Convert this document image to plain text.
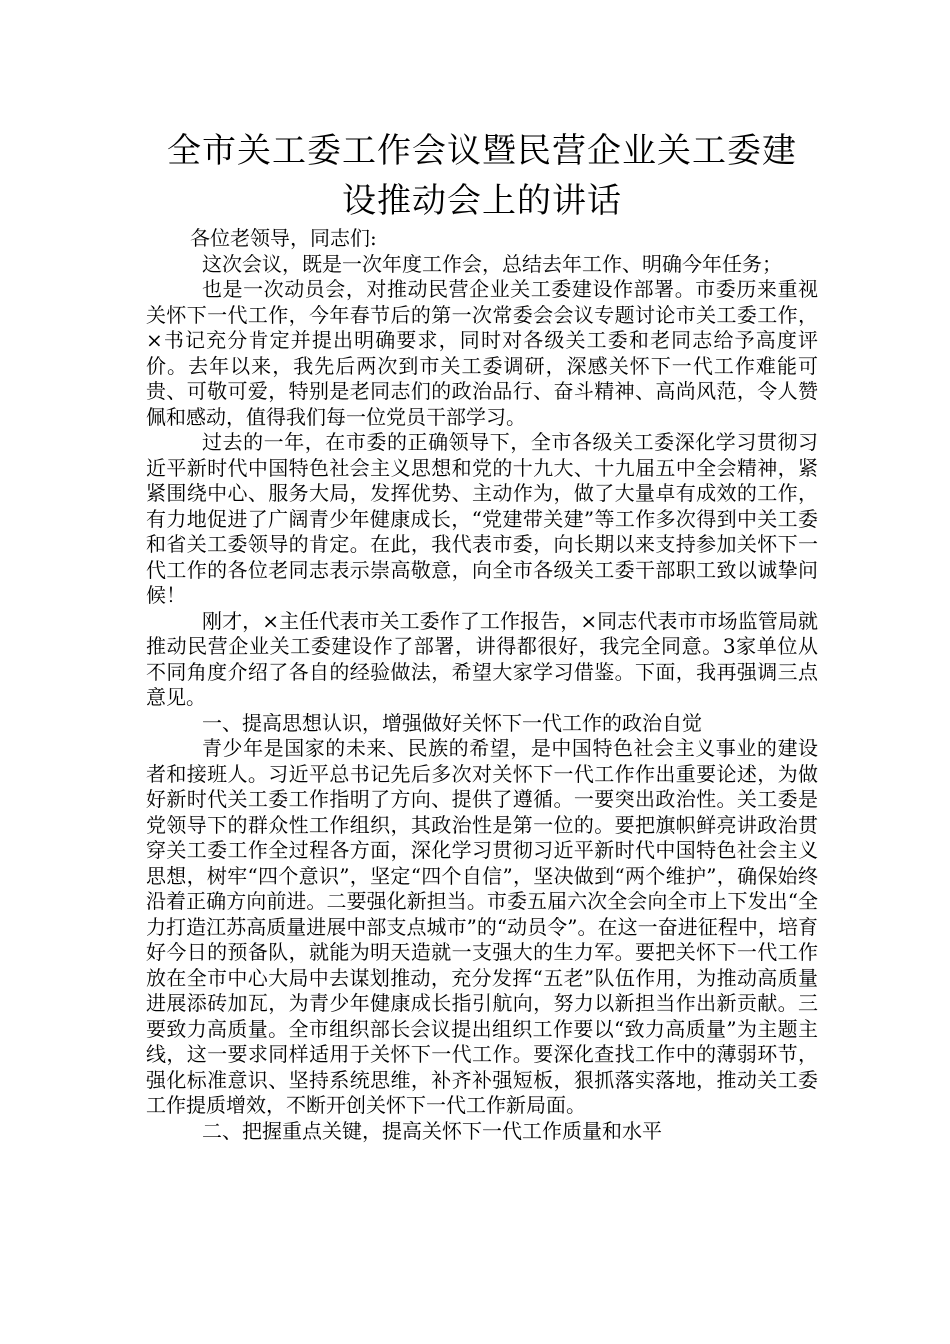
全市关工委工作会议暨民营企业关工委建
设推动会上的讲话

各位老领导，同志们:

这次会议，既是一次年度工作会，总结去年工作、明确今年任务；

也是一次动员会，对推动民营企业关工委建设作部署。市委历来重视关怀下一代工作，今年春节后的第一次常委会会议专题讨论市关工委工作，×书记充分肯定并提出明确要求，同时对各级关工委和老同志给予高度评价。去年以来，我先后两次到市关工委调研，深感关怀下一代工作难能可贵、可敬可爱，特别是老同志们的政治品行、奋斗精神、高尚风范，令人赞佩和感动，值得我们每一位党员干部学习。

过去的一年，在市委的正确领导下，全市各级关工委深化学习贯彻习近平新时代中国特色社会主义思想和党的十九大、十九届五中全会精神，紧紧围绕中心、服务大局，发挥优势、主动作为，做了大量卓有成效的工作，有力地促进了广阔青少年健康成长，“党建带关建”等工作多次得到中关工委和省关工委领导的肯定。在此，我代表市委，向长期以来支持参加关怀下一代工作的各位老同志表示崇高敬意，向全市各级关工委干部职工致以诚挚问候！

刚才，×主任代表市关工委作了工作报告，×同志代表市市场监管局就推动民营企业关工委建设作了部署，讲得都很好，我完全同意。3家单位从不同角度介绍了各自的经验做法，希望大家学习借鉴。下面，我再强调三点意见。

一、提高思想认识，增强做好关怀下一代工作的政治自觉

青少年是国家的未来、民族的希望，是中国特色社会主义事业的建设者和接班人。习近平总书记先后多次对关怀下一代工作作出重要论述，为做好新时代关工委工作指明了方向、提供了遵循。一要突出政治性。关工委是党领导下的群众性工作组织，其政治性是第一位的。要把旗帜鲜亮讲政治贯穿关工委工作全过程各方面，深化学习贯彻习近平新时代中国特色社会主义思想，树牢“四个意识”，坚定“四个自信”，坚决做到“两个维护”，确保始终沿着正确方向前进。二要强化新担当。市委五届六次全会向全市上下发出“全力打造江苏高质量进展中部支点城市”的“动员令”。在这一奋进征程中，培育好今日的预备队，就能为明天造就一支强大的生力军。要把关怀下一代工作放在全市中心大局中去谋划推动，充分发挥“五老”队伍作用，为推动高质量进展添砖加瓦，为青少年健康成长指引航向，努力以新担当作出新贡献。三要致力高质量。全市组织部长会议提出组织工作要以“致力高质量”为主题主线，这一要求同样适用于关怀下一代工作。要深化查找工作中的薄弱环节，强化标准意识、坚持系统思维，补齐补强短板，狠抓落实落地，推动关工委工作提质增效，不断开创关怀下一代工作新局面。

二、把握重点关键，提高关怀下一代工作质量和水平
